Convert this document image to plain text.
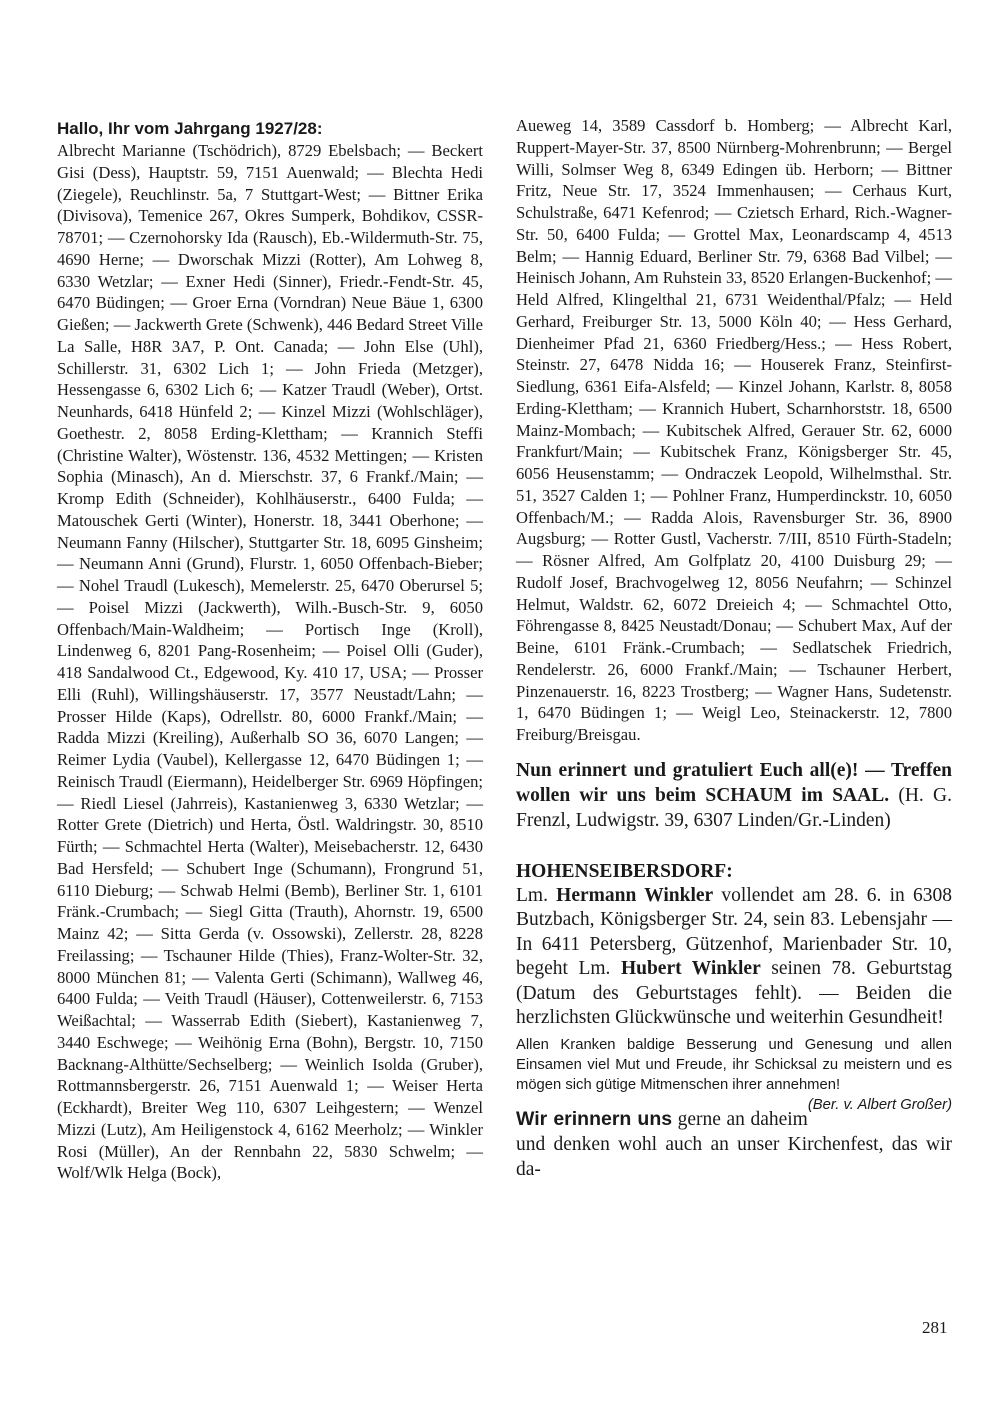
Hallo, Ihr vom Jahrgang 1927/28:

Albrecht Marianne (Tschödrich), 8729 Ebelsbach; — Beckert Gisi (Dess), Hauptstr. 59, 7151 Auenwald; — Blechta Hedi (Ziegele), Reuchlinstr. 5a, 7 Stuttgart-West; — Bittner Erika (Divisova), Temenice 267, Okres Sumperk, Bohdikov, CSSR-78701; — Czernohorsky Ida (Rausch), Eb.-Wildermuth-Str. 75, 4690 Herne; — Dworschak Mizzi (Rotter), Am Lohweg 8, 6330 Wetzlar; — Exner Hedi (Sinner), Friedr.-Fendt-Str. 45, 6470 Büdingen; — Groer Erna (Vorndran) Neue Bäue 1, 6300 Gießen; — Jackwerth Grete (Schwenk), 446 Bedard Street Ville La Salle, H8R 3A7, P. Ont. Canada; — John Else (Uhl), Schillerstr. 31, 6302 Lich 1; — John Frieda (Metzger), Hessengasse 6, 6302 Lich 6; — Katzer Traudl (Weber), Ortst. Neunhards, 6418 Hünfeld 2; — Kinzel Mizzi (Wohlschläger), Goethestr. 2, 8058 Erding-Klettham; — Krannich Steffi (Christine Walter), Wöstenstr. 136, 4532 Mettingen; — Kristen Sophia (Minasch), An d. Mierschstr. 37, 6 Frankf./Main; — Kromp Edith (Schneider), Kohlhäuserstr., 6400 Fulda; — Matouschek Gerti (Winter), Honerstr. 18, 3441 Oberhone; — Neumann Fanny (Hilscher), Stuttgarter Str. 18, 6095 Ginsheim; — Neumann Anni (Grund), Flurstr. 1, 6050 Offenbach-Bieber; — Nohel Traudl (Lukesch), Memelerstr. 25, 6470 Oberursel 5; — Poisel Mizzi (Jackwerth), Wilh.-Busch-Str. 9, 6050 Offenbach/Main-Waldheim; — Portisch Inge (Kroll), Lindenweg 6, 8201 Pang-Rosenheim; — Poisel Olli (Guder), 418 Sandalwood Ct., Edgewood, Ky. 410 17, USA; — Prosser Elli (Ruhl), Willingshäuserstr. 17, 3577 Neustadt/Lahn; — Prosser Hilde (Kaps), Odrellstr. 80, 6000 Frankf./Main; — Radda Mizzi (Kreiling), Außerhalb SO 36, 6070 Langen; — Reimer Lydia (Vaubel), Kellergasse 12, 6470 Büdingen 1; — Reinisch Traudl (Eiermann), Heidelberger Str. 6969 Höpfingen; — Riedl Liesel (Jahrreis), Kastanienweg 3, 6330 Wetzlar; — Rotter Grete (Dietrich) und Herta, Östl. Waldringstr. 30, 8510 Fürth; — Schmachtel Herta (Walter), Meisebacherstr. 12, 6430 Bad Hersfeld; — Schubert Inge (Schumann), Frongrund 51, 6110 Dieburg; — Schwab Helmi (Bemb), Berliner Str. 1, 6101 Fränk.-Crumbach; — Siegl Gitta (Trauth), Ahornstr. 19, 6500 Mainz 42; — Sitta Gerda (v. Ossowski), Zellerstr. 28, 8228 Freilassing; — Tschauner Hilde (Thies), Franz-Wolter-Str. 32, 8000 München 81; — Valenta Gerti (Schimann), Wallweg 46, 6400 Fulda; — Veith Traudl (Häuser), Cottenweilerstr. 6, 7153 Weißachtal; — Wasserrab Edith (Siebert), Kastanienweg 7, 3440 Eschwege; — Weihönig Erna (Bohn), Bergstr. 10, 7150 Backnang-Althütte/Sechselberg; — Weinlich Isolda (Gruber), Rottmannsbergerstr. 26, 7151 Auenwald 1; — Weiser Herta (Eckhardt), Breiter Weg 110, 6307 Leihgestern; — Wenzel Mizzi (Lutz), Am Heiligenstock 4, 6162 Meerholz; — Winkler Rosi (Müller), An der Rennbahn 22, 5830 Schwelm; — Wolf/Wlk Helga (Bock),

Aueweg 14, 3589 Cassdorf b. Homberg; — Albrecht Karl, Ruppert-Mayer-Str. 37, 8500 Nürnberg-Mohrenbrunn; — Bergel Willi, Solmser Weg 8, 6349 Edingen üb. Herborn; — Bittner Fritz, Neue Str. 17, 3524 Immenhausen; — Cerhaus Kurt, Schulstraße, 6471 Kefenrod; — Czietsch Erhard, Rich.-Wagner-Str. 50, 6400 Fulda; — Grottel Max, Leonardscamp 4, 4513 Belm; — Hannig Eduard, Berliner Str. 79, 6368 Bad Vilbel; — Heinisch Johann, Am Ruhstein 33, 8520 Erlangen-Buckenhof; — Held Alfred, Klingelthal 21, 6731 Weidenthal/Pfalz; — Held Gerhard, Freiburger Str. 13, 5000 Köln 40; — Hess Gerhard, Dienheimer Pfad 21, 6360 Friedberg/Hess.; — Hess Robert, Steinstr. 27, 6478 Nidda 16; — Houserek Franz, Steinfirst-Siedlung, 6361 Eifa-Alsfeld; — Kinzel Johann, Karlstr. 8, 8058 Erding-Klettham; — Krannich Hubert, Scharnhorststr. 18, 6500 Mainz-Mombach; — Kubitschek Alfred, Gerauer Str. 62, 6000 Frankfurt/Main; — Kubitschek Franz, Königsberger Str. 45, 6056 Heusenstamm; — Ondraczek Leopold, Wilhelmsthal. Str. 51, 3527 Calden 1; — Pohlner Franz, Humperdinckstr. 10, 6050 Offenbach/M.; — Radda Alois, Ravensburger Str. 36, 8900 Augsburg; — Rotter Gustl, Vacherstr. 7/III, 8510 Fürth-Stadeln; — Rösner Alfred, Am Golfplatz 20, 4100 Duisburg 29; — Rudolf Josef, Brachvogelweg 12, 8056 Neufahrn; — Schinzel Helmut, Waldstr. 62, 6072 Dreieich 4; — Schmachtel Otto, Föhrengasse 8, 8425 Neustadt/Donau; — Schubert Max, Auf der Beine, 6101 Fränk.-Crumbach; — Sedlatschek Friedrich, Rendelerstr. 26, 6000 Frankf./Main; — Tschauner Herbert, Pinzenauerstr. 16, 8223 Trostberg; — Wagner Hans, Sudetenstr. 1, 6470 Büdingen 1; — Weigl Leo, Steinackerstr. 12, 7800 Freiburg/Breisgau.

Nun erinnert und gratuliert Euch all(e)! — Treffen wollen wir uns beim SCHAUM im SAAL. (H. G. Frenzl, Ludwigstr. 39, 6307 Linden/Gr.-Linden)

HOHENSEIBERSDORF:

Lm. Hermann Winkler vollendet am 28. 6. in 6308 Butzbach, Königsberger Str. 24, sein 83. Lebensjahr — In 6411 Petersberg, Gützenhof, Marienbader Str. 10, begeht Lm. Hubert Winkler seinen 78. Geburtstag (Datum des Geburtstages fehlt). — Beiden die herzlichsten Glückwünsche und weiterhin Gesundheit!

Allen Kranken baldige Besserung und Genesung und allen Einsamen viel Mut und Freude, ihr Schicksal zu meistern und es mögen sich gütige Mitmenschen ihrer annehmen!
(Ber. v. Albert Großer)

Wir erinnern uns gerne an daheim und denken wohl auch an unser Kirchenfest, das wir da-

281
